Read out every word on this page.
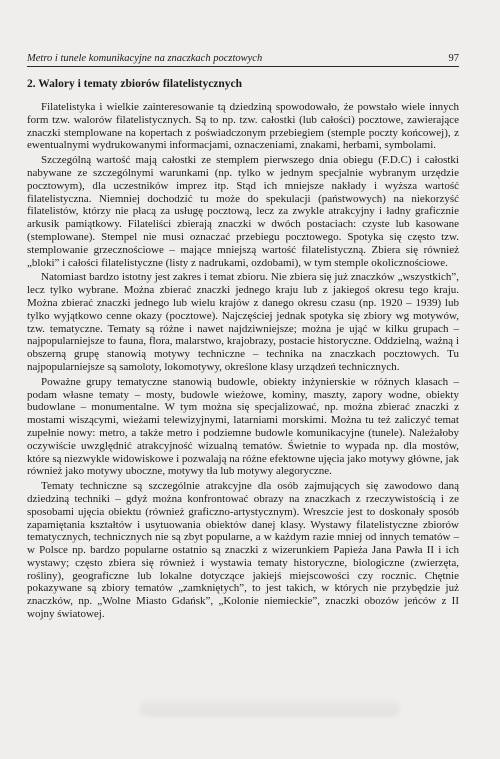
Metro i tunele komunikacyjne na znaczkach pocztowych	97
2. Walory i tematy zbiorów filatelistycznych

Filatelistyka i wielkie zainteresowanie tą dziedziną spowodowało, że powstało wiele innych form tzw. walorów filatelistycznych. Są to np. tzw. całostki (lub całości) pocztowe, zawierające znaczki stemplowane na kopertach z poświadczonym przebiegiem (stemple poczty końcowej), z ewentualnymi wydrukowanymi informacjami, oznaczeniami, znakami, herbami, symbolami.

Szczególną wartość mają całostki ze stemplem pierwszego dnia obiegu (F.D.C) i całostki nabywane ze szczególnymi warunkami (np. tylko w jednym specjalnie wybranym urzędzie pocztowym), dla uczestników imprez itp. Stąd ich mniejsze nakłady i wyższa wartość filatelistyczna. Niemniej dochodzić tu może do spekulacji (państwowych) na niekorzyść filatelistów, którzy nie płacą za usługę pocztową, lecz za zwykle atrakcyjny i ładny graficznie arkusik pamiątkowy. Filateliści zbierają znaczki w dwóch postaciach: czyste lub kasowane (stemplowane). Stempel nie musi oznaczać przebiegu pocztowego. Spotyka się często tzw. stemplowanie grzecznościowe – mające mniejszą wartość filatelistyczną. Zbiera się również „bloki” i całości filatelistyczne (listy z nadrukami, ozdobami), w tym stemple okolicznościowe.

Natomiast bardzo istotny jest zakres i temat zbioru. Nie zbiera się już znaczków „wszystkich”, lecz tylko wybrane. Można zbierać znaczki jednego kraju lub z jakiegoś okresu tego kraju. Można zbierać znaczki jednego lub wielu krajów z danego okresu czasu (np. 1920 – 1939) lub tylko wyjątkowo cenne okazy (pocztowe). Najczęściej jednak spotyka się zbiory wg motywów, tzw. tematyczne. Tematy są różne i nawet najdziwniejsze; można je ująć w kilku grupach – najpopularniejsze to fauna, flora, malarstwo, krajobrazy, postacie historyczne. Oddzielną, ważną i obszerną grupę stanowią motywy techniczne – technika na znaczkach pocztowych. Tu najpopularniejsze są samoloty, lokomotywy, określone klasy urządzeń technicznych.

Poważne grupy tematyczne stanowią budowle, obiekty inżynierskie w różnych klasach – podam własne tematy – mosty, budowle wieżowe, kominy, maszty, zapory wodne, obiekty budowlane – monumentalne. W tym można się specjalizować, np. można zbierać znaczki z mostami wiszącymi, wieżami telewizyjnymi, latarniami morskimi. Można tu też zaliczyć temat zupełnie nowy: metro, a także metro i podziemne budowle komunikacyjne (tunele). Należałoby oczywiście uwzględnić atrakcyjność wizualną tematów. Świetnie to wypada np. dla mostów, które są niezwykle widowiskowe i pozwalają na różne efektowne ujęcia jako motywy główne, jak również jako motywy uboczne, motywy tła lub motywy alegoryczne.

Tematy techniczne są szczególnie atrakcyjne dla osób zajmujących się zawodowo daną dziedziną techniki – gdyż można konfrontować obrazy na znaczkach z rzeczywistością i ze sposobami ujęcia obiektu (również graficzno-artystycznym). Wreszcie jest to doskonały sposób zapamiętania kształtów i usytuowania obiektów danej klasy. Wystawy filatelistyczne zbiorów tematycznych, technicznych nie są zbyt popularne, a w każdym razie mniej od innych tematów – w Polsce np. bardzo popularne ostatnio są znaczki z wizerunkiem Papieża Jana Pawła II i ich wystawy; często zbiera się również i wystawia tematy historyczne, biologiczne (zwierzęta, rośliny), geograficzne lub lokalne dotyczące jakiejś miejscowości czy rocznic. Chętnie pokazywane są zbiory tematów „zamkniętych”, to jest takich, w których nie przybędzie już znaczków, np. „Wolne Miasto Gdańsk”, „Kolonie niemieckie”, znaczki obozów jeńców z II wojny światowej.
